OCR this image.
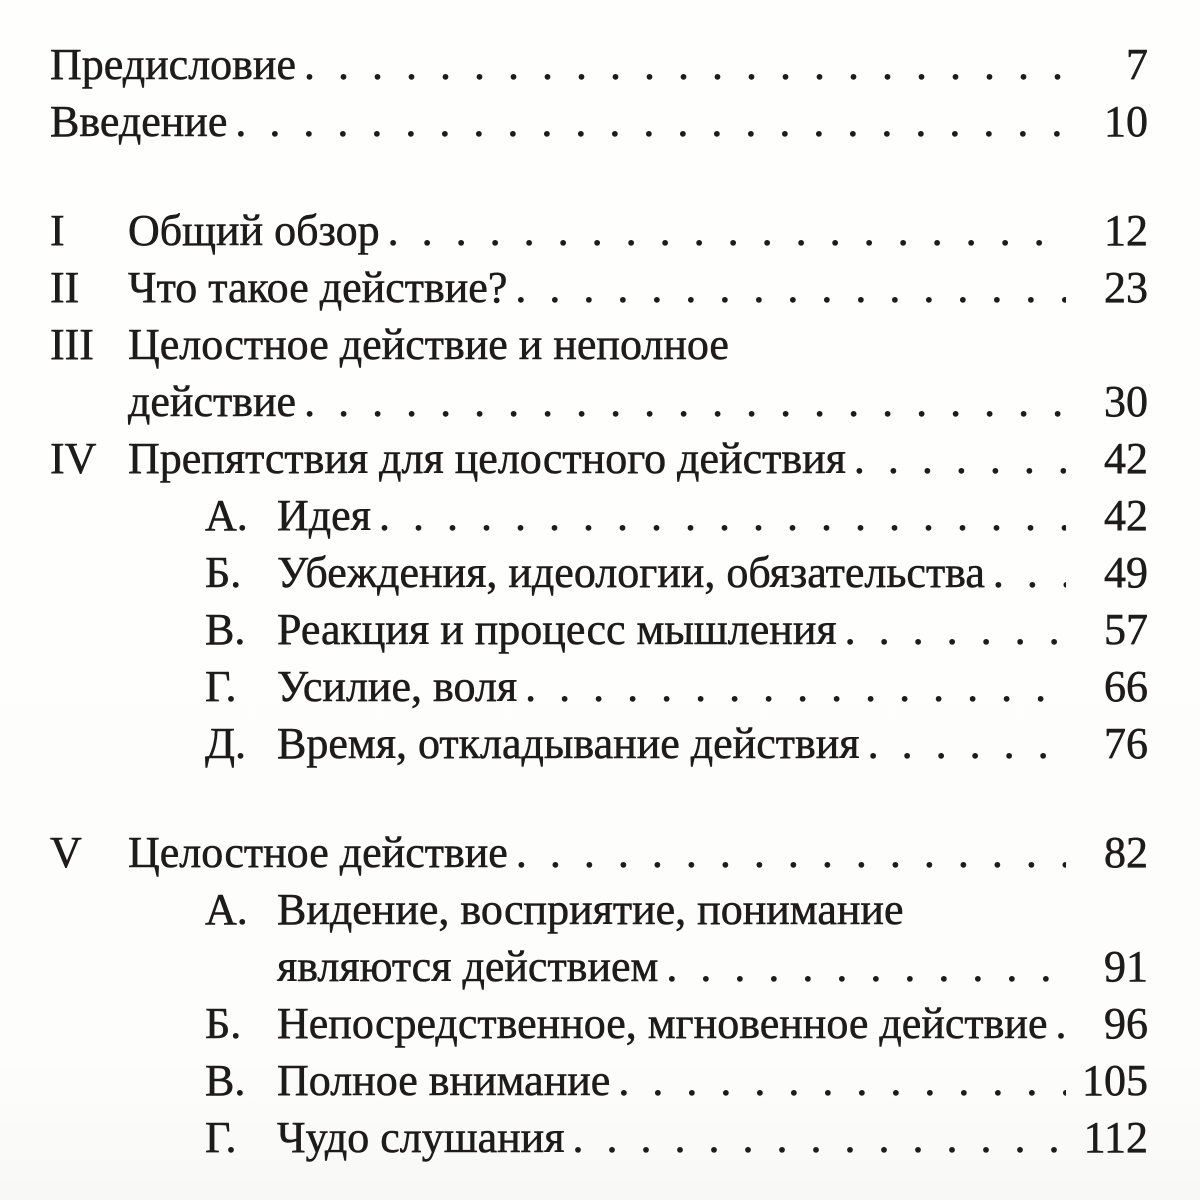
Предисловие . . .	7
Введение . . .	10
I	Общий обзор . . .	12
II	Что такое действие? . . .	23
III Целостное действие и неполное
действие . . .	30
IV Препятствия для целостного действия . . .	42
А. Идея . . .	42
Б. Убеждения, идеологии, обязательства . . .	49
В. Реакция и процесс мышления . . .	57
Г. Усилие, воля . . .	66
Д. Время, откладывание действия . . .	76
V	Целостное действие . . .	82
А. Видение, восприятие, понимание
являются действием . . .	91
Б. Непосредственное, мгновенное действие . . .	96
В. Полное внимание . . .	105
Г. Чудо слушания . . .	112
